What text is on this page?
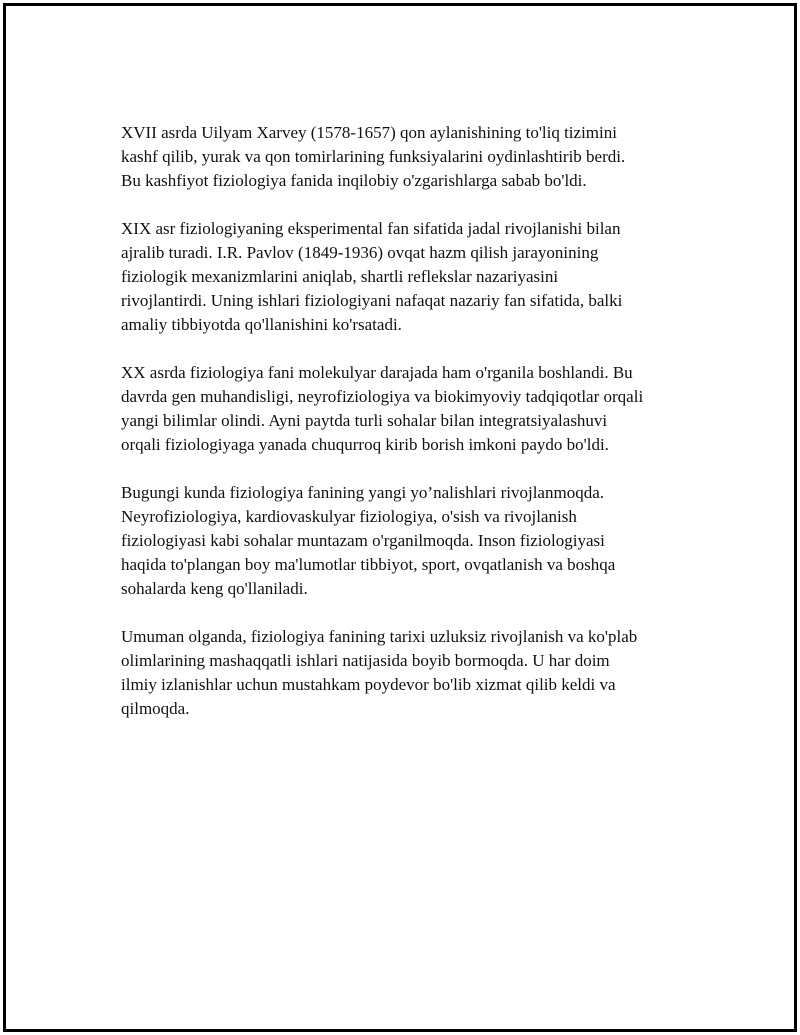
XVII asrda Uilyam Xarvey (1578-1657) qon aylanishining to'liq tizimini
kashf qilib, yurak va qon tomirlarining funksiyalarini oydinlashtirib berdi.
Bu kashfiyot fiziologiya fanida inqilobiy o'zgarishlarga sabab bo'ldi.

XIX asr fiziologiyaning eksperimental fan sifatida jadal rivojlanishi bilan
ajralib turadi. I.R. Pavlov (1849-1936) ovqat hazm qilish jarayonining
fiziologik mexanizmlarini aniqlab, shartli reflekslar nazariyasini
rivojlantirdi. Uning ishlari fiziologiyani nafaqat nazariy fan sifatida, balki
amaliy tibbiyotda qo'llanishini ko'rsatadi.

XX asrda fiziologiya fani molekulyar darajada ham o'rganila boshlandi. Bu
davrda gen muhandisligi, neyrofiziologiya va biokimyoviy tadqiqotlar orqali
yangi bilimlar olindi. Ayni paytda turli sohalar bilan integratsiyalashuvi
orqali fiziologiyaga yanada chuqurroq kirib borish imkoni paydo bo'ldi.

Bugungi kunda fiziologiya fanining yangi yo’nalishlari rivojlanmoqda.
Neyrofiziologiya, kardiovaskulyar fiziologiya, o'sish va rivojlanish
fiziologiyasi kabi sohalar muntazam o'rganilmoqda. Inson fiziologiyasi
haqida to'plangan boy ma'lumotlar tibbiyot, sport, ovqatlanish va boshqa
sohalarda keng qo'llaniladi.

Umuman olganda, fiziologiya fanining tarixi uzluksiz rivojlanish va ko'plab
olimlarining mashaqqatli ishlari natijasida boyib bormoqda. U har doim
ilmiy izlanishlar uchun mustahkam poydevor bo'lib xizmat qilib keldi va
qilmoqda.
